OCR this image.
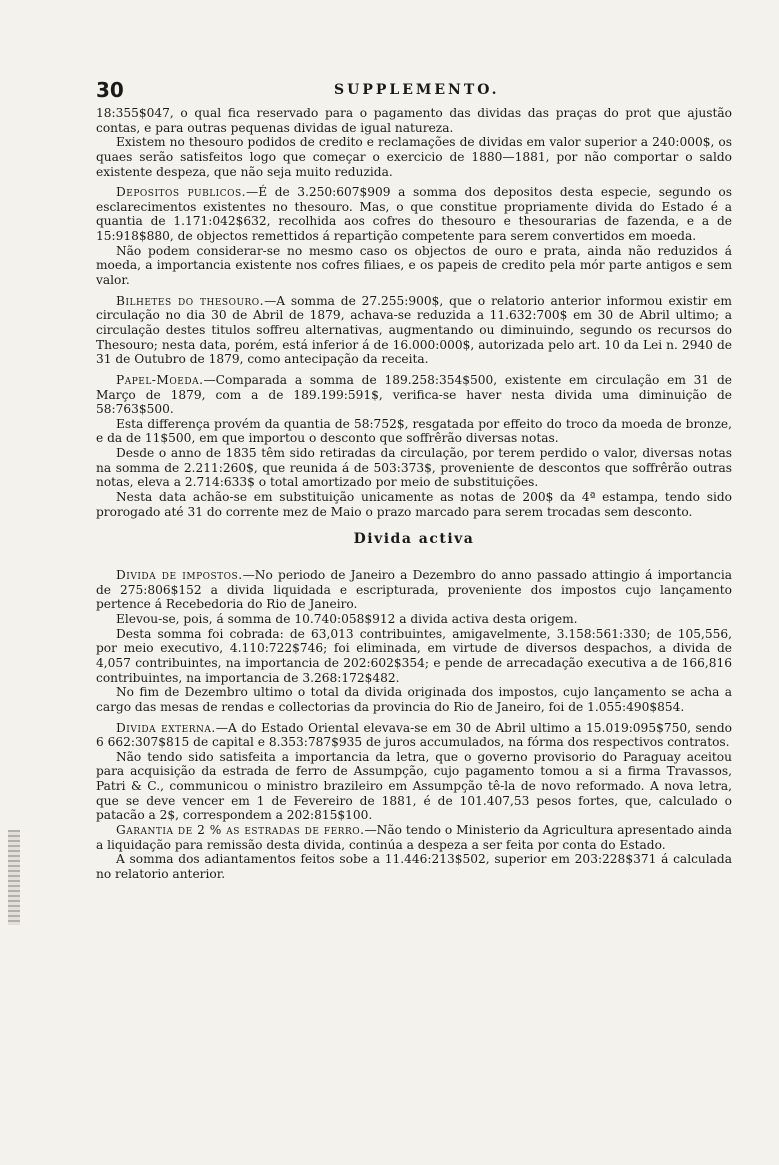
30	SUPPLEMENTO.

18:355$047, o qual fica reservado para o pagamento das dividas das praças do prot que ajustão contas, e para outras pequenas dividas de igual natureza.

Existem no thesouro podidos de credito e reclamações de dividas em valor superior a 240:000$, os quaes serão satisfeitos logo que começar o exercicio de 1880—1881, por não comportar o saldo existente despeza, que não seja muito reduzida.

Depositos publicos.—É de 3.250:607$909 a somma dos depositos desta especie, segundo os esclarecimentos existentes no thesouro. Mas, o que constitue propriamente divida do Estado é a quantia de 1.171:042$632, recolhida aos cofres do thesouro e thesourarias de fazenda, e a de 15:918$880, de objectos remettidos á repartição competente para serem convertidos em moeda.

Não podem considerar-se no mesmo caso os objectos de ouro e prata, ainda não reduzidos á moeda, a importancia existente nos cofres filiaes, e os papeis de credito pela mór parte antigos e sem valor.

Bilhetes do thesouro.—A somma de 27.255:900$, que o relatorio anterior informou existir em circulação no dia 30 de Abril de 1879, achava-se reduzida a 11.632:700$ em 30 de Abril ultimo; a circulação destes titulos soffreu alternativas, augmentando ou diminuindo, segundo os recursos do Thesouro; nesta data, porém, está inferior á de 16.000:000$, autorizada pelo art. 10 da Lei n. 2940 de 31 de Outubro de 1879, como antecipação da receita.

Papel-Moeda.—Comparada a somma de 189.258:354$500, existente em circulação em 31 de Março de 1879, com a de 189.199:591$, verifica-se haver nesta divida uma diminuição de 58:763$500.

Esta differença provém da quantia de 58:752$, resgatada por effeito do troco da moeda de bronze, e da de 11$500, em que importou o desconto que soffrêrão diversas notas.

Desde o anno de 1835 têm sido retiradas da circulação, por terem perdido o valor, diversas notas na somma de 2.211:260$, que reunida á de 503:373$, proveniente de descontos que soffrêrão outras notas, eleva a 2.714:633$ o total amortizado por meio de substituições.

Nesta data achão-se em substituição unicamente as notas de 200$ da 4ª estampa, tendo sido prorogado até 31 do corrente mez de Maio o prazo marcado para serem trocadas sem desconto.

Divida activa

Divida de impostos.—No periodo de Janeiro a Dezembro do anno passado attingio á importancia de 275:806$152 a divida liquidada e escripturada, proveniente dos impostos cujo lançamento pertence á Recebedoria do Rio de Janeiro.

Elevou-se, pois, á somma de 10.740:058$912 a divida activa desta origem.

Desta somma foi cobrada: de 63,013 contribuintes, amigavelmente, 3.158:561:330; de 105,556, por meio executivo, 4.110:722$746; foi eliminada, em virtude de diversos despachos, a divida de 4,057 contribuintes, na importancia de 202:602$354; e pende de arrecadação executiva a de 166,816 contribuintes, na importancia de 3.268:172$482.

No fim de Dezembro ultimo o total da divida originada dos impostos, cujo lançamento se acha a cargo das mesas de rendas e collectorias da provincia do Rio de Janeiro, foi de 1.055:490$854.

Divida externa.—A do Estado Oriental elevava-se em 30 de Abril ultimo a 15.019:095$750, sendo 6 662:307$815 de capital e 8.353:787$935 de juros accumulados, na fórma dos respectivos contratos.

Não tendo sido satisfeita a importancia da letra, que o governo provisorio do Paraguay aceitou para acquisição da estrada de ferro de Assumpção, cujo pagamento tomou a si a firma Travassos, Patri & C., communicou o ministro brazileiro em Assumpção tê-la de novo reformado. A nova letra, que se deve vencer em 1 de Fevereiro de 1881, é de 101.407,53 pesos fortes, que, calculado o patacão a 2$, correspondem a 202:815$100.

Garantia de 2 % as estradas de ferro.—Não tendo o Ministerio da Agricultura apresentado ainda a liquidação para remissão desta divida, continúa a despeza a ser feita por conta do Estado.

A somma dos adiantamentos feitos sobe a 11.446:213$502, superior em 203:228$371 á calculada no relatorio anterior.
